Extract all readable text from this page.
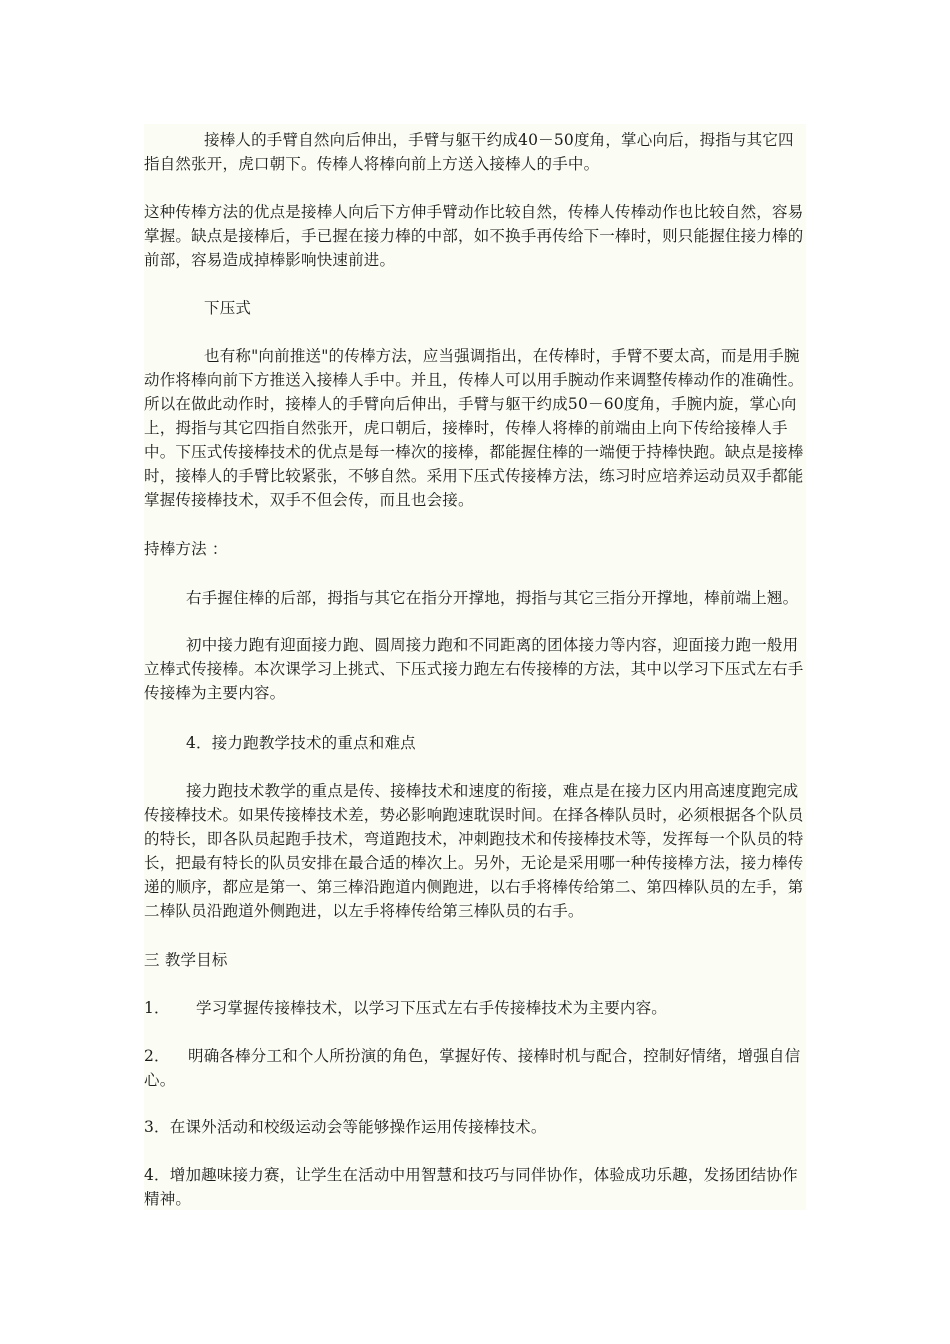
接棒人的手臂自然向后伸出，手臂与躯干约成40－50度角，掌心向后，拇指与其它四指自然张开，虎口朝下。传棒人将棒向前上方送入接棒人的手中。

这种传棒方法的优点是接棒人向后下方伸手臂动作比较自然，传棒人传棒动作也比较自然，容易掌握。缺点是接棒后，手已握在接力棒的中部，如不换手再传给下一棒时，则只能握住接力棒的前部，容易造成掉棒影响快速前进。

下压式

也有称"向前推送"的传棒方法，应当强调指出，在传棒时，手臂不要太高，而是用手腕动作将棒向前下方推送入接棒人手中。并且，传棒人可以用手腕动作来调整传棒动作的准确性。所以在做此动作时，接棒人的手臂向后伸出，手臂与躯干约成50－60度角，手腕内旋，掌心向上，拇指与其它四指自然张开，虎口朝后，接棒时，传棒人将棒的前端由上向下传给接棒人手中。下压式传接棒技术的优点是每一棒次的接棒，都能握住棒的一端便于持棒快跑。缺点是接棒时，接棒人的手臂比较紧张，不够自然。采用下压式传接棒方法，练习时应培养运动员双手都能掌握传接棒技术，双手不但会传，而且也会接。

持棒方法 ：

右手握住棒的后部，拇指与其它在指分开撑地，拇指与其它三指分开撑地，棒前端上翘。

初中接力跑有迎面接力跑、圆周接力跑和不同距离的团体接力等内容，迎面接力跑一般用立棒式传接棒。本次课学习上挑式、下压式接力跑左右传接棒的方法，其中以学习下压式左右手传接棒为主要内容。

4．接力跑教学技术的重点和难点

接力跑技术教学的重点是传、接棒技术和速度的衔接，难点是在接力区内用高速度跑完成传接棒技术。如果传接棒技术差，势必影响跑速耽误时间。在择各棒队员时，必须根据各个队员的特长，即各队员起跑手技术，弯道跑技术，冲刺跑技术和传接棒技术等，发挥每一个队员的特长，把最有特长的队员安排在最合适的棒次上。另外，无论是采用哪一种传接棒方法，接力棒传递的顺序，都应是第一、第三棒沿跑道内侧跑进，以右手将棒传给第二、第四棒队员的左手，第二棒队员沿跑道外侧跑进，以左手将棒传给第三棒队员的右手。

三 教学目标

1． 学习掌握传接棒技术，以学习下压式左右手传接棒技术为主要内容。

2． 明确各棒分工和个人所扮演的角色，掌握好传、接棒时机与配合，控制好情绪，增强自信心。

3．在课外活动和校级运动会等能够操作运用传接棒技术。

4．增加趣味接力赛，让学生在活动中用智慧和技巧与同伴协作，体验成功乐趣，发扬团结协作精神。
